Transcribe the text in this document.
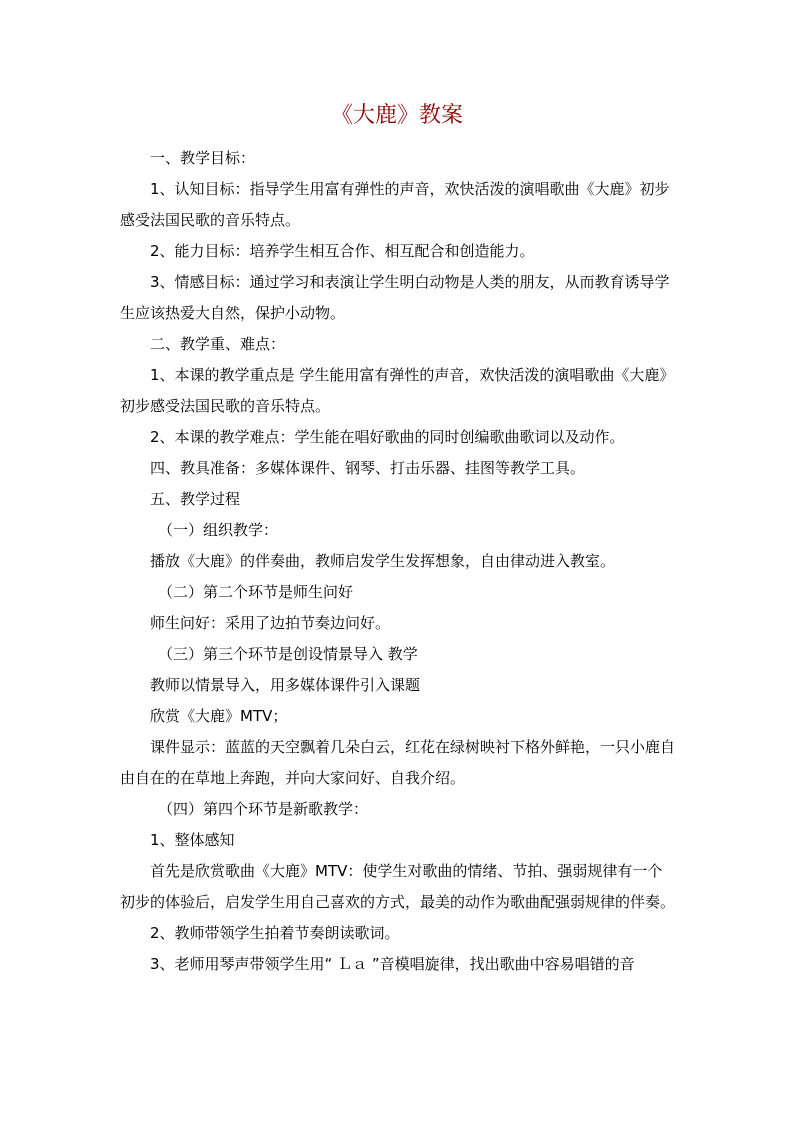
《大鹿》教案

一、教学目标：

1、认知目标：指导学生用富有弹性的声音，欢快活泼的演唱歌曲《大鹿》初步感受法国民歌的音乐特点。

2、能力目标：培养学生相互合作、相互配合和创造能力。

3、情感目标：通过学习和表演让学生明白动物是人类的朋友，从而教育诱导学生应该热爱大自然，保护小动物。

二、教学重、难点：

1、本课的教学重点是 学生能用富有弹性的声音，欢快活泼的演唱歌曲《大鹿》初步感受法国民歌的音乐特点。

2、本课的教学难点：学生能在唱好歌曲的同时创编歌曲歌词以及动作。

四、教具准备：多媒体课件、钢琴、打击乐器、挂图等教学工具。

五、教学过程

（一）组织教学：

播放《大鹿》的伴奏曲，教师启发学生发挥想象，自由律动进入教室。

（二）第二个环节是师生问好

师生问好：采用了边拍节奏边问好。

（三）第三个环节是创设情景导入 教学

教师以情景导入，用多媒体课件引入课题

欣赏《大鹿》MTV；

课件显示：蓝蓝的天空飘着几朵白云，红花在绿树映衬下格外鲜艳，一只小鹿自由自在的在草地上奔跑，并向大家问好、自我介绍。

（四）第四个环节是新歌教学：

1、整体感知

首先是欣赏歌曲《大鹿》MTV：使学生对歌曲的情绪、节拍、强弱规律有一个初步的体验后，启发学生用自己喜欢的方式，最美的动作为歌曲配强弱规律的伴奏。

2、教师带领学生拍着节奏朗读歌词。

3、老师用琴声带领学生用“ Ｌａ ”音模唱旋律，找出歌曲中容易唱错的音
